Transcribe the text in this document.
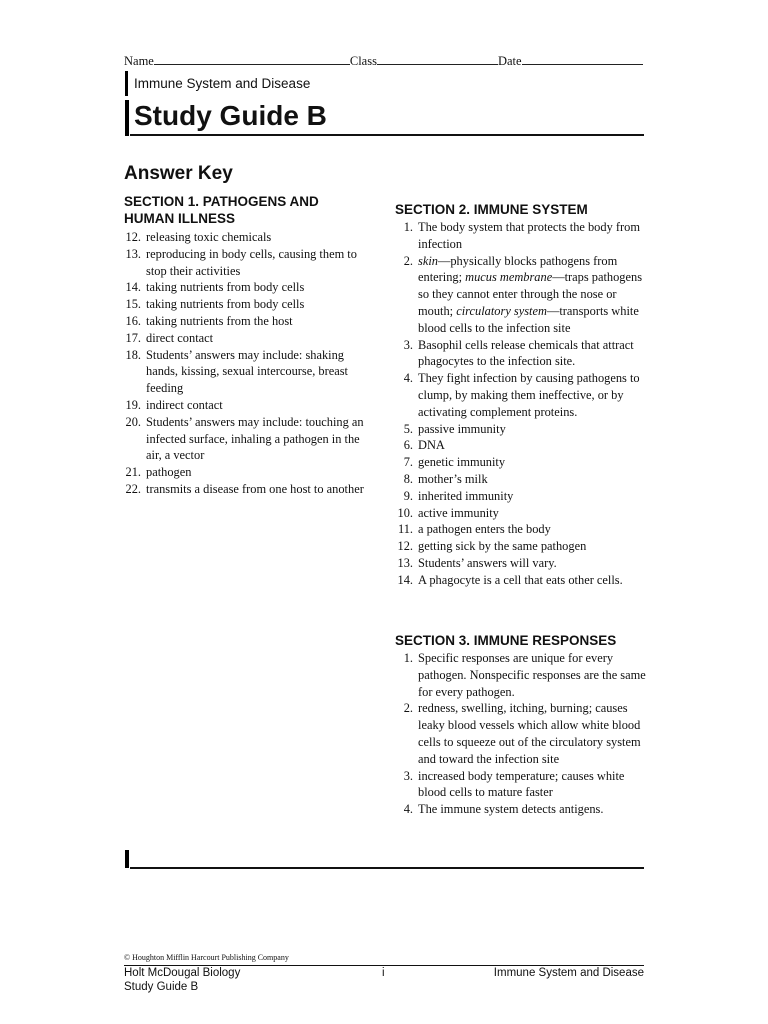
Name	Class	Date
Immune System and Disease
Study Guide B
Answer Key
SECTION 1. PATHOGENS AND
HUMAN ILLNESS
12. releasing toxic chemicals
13. reproducing in body cells, causing them to stop their activities
14. taking nutrients from body cells
15. taking nutrients from body cells
16. taking nutrients from the host
17. direct contact
18. Students’ answers may include: shaking hands, kissing, sexual intercourse, breast feeding
19. indirect contact
20. Students’ answers may include: touching an infected surface, inhaling a pathogen in the air, a vector
21. pathogen
22. transmits a disease from one host to another
SECTION 2. IMMUNE SYSTEM
1. The body system that protects the body from infection
2. skin—physically blocks pathogens from entering; mucus membrane—traps pathogens so they cannot enter through the nose or mouth; circulatory system—transports white blood cells to the infection site
3. Basophil cells release chemicals that attract phagocytes to the infection site.
4. They fight infection by causing pathogens to clump, by making them ineffective, or by activating complement proteins.
5. passive immunity
6. DNA
7. genetic immunity
8. mother’s milk
9. inherited immunity
10. active immunity
11. a pathogen enters the body
12. getting sick by the same pathogen
13. Students’ answers will vary.
14. A phagocyte is a cell that eats other cells.
SECTION 3. IMMUNE RESPONSES
1. Specific responses are unique for every pathogen. Nonspecific responses are the same for every pathogen.
2. redness, swelling, itching, burning; causes leaky blood vessels which allow white blood cells to squeeze out of the circulatory system and toward the infection site
3. increased body temperature; causes white blood cells to mature faster
4. The immune system detects antigens.
© Houghton Mifflin Harcourt Publishing Company
Holt McDougal Biology
Study Guide B
i	Immune System and Disease
